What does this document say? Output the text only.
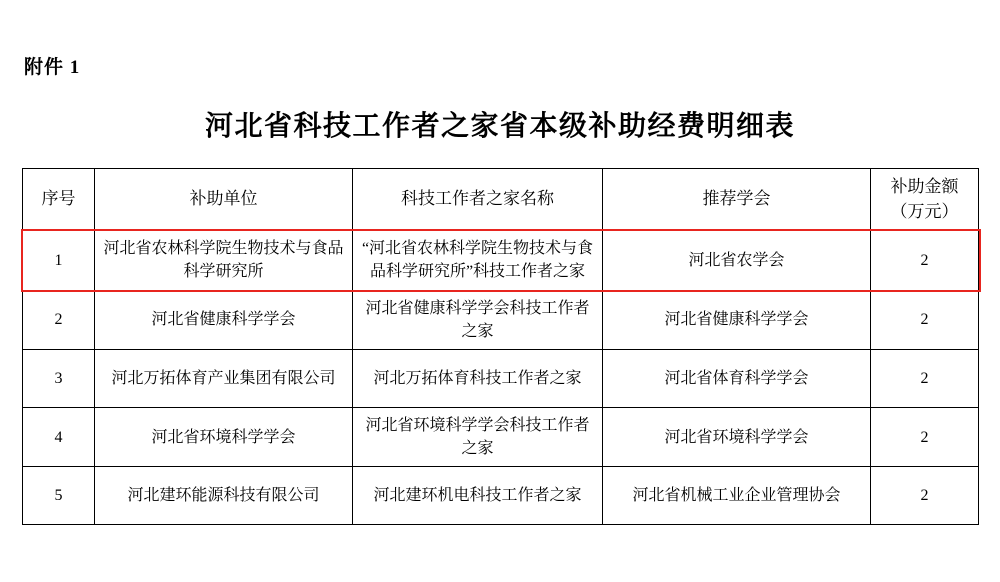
附件 1
河北省科技工作者之家省本级补助经费明细表
序号	补助单位	科技工作者之家名称	推荐学会	补助金额
（万元）

1	河北省农林科学院生物技术与食品科学研究所	“河北省农林科学院生物技术与食品科学研究所”科技工作者之家	河北省农学会	2
2	河北省健康科学学会	河北省健康科学学会科技工作者之家	河北省健康科学学会	2
3	河北万拓体育产业集团有限公司	河北万拓体育科技工作者之家	河北省体育科学学会	2
4	河北省环境科学学会	河北省环境科学学会科技工作者之家	河北省环境科学学会	2
5	河北建环能源科技有限公司	河北建环机电科技工作者之家	河北省机械工业企业管理协会	2
